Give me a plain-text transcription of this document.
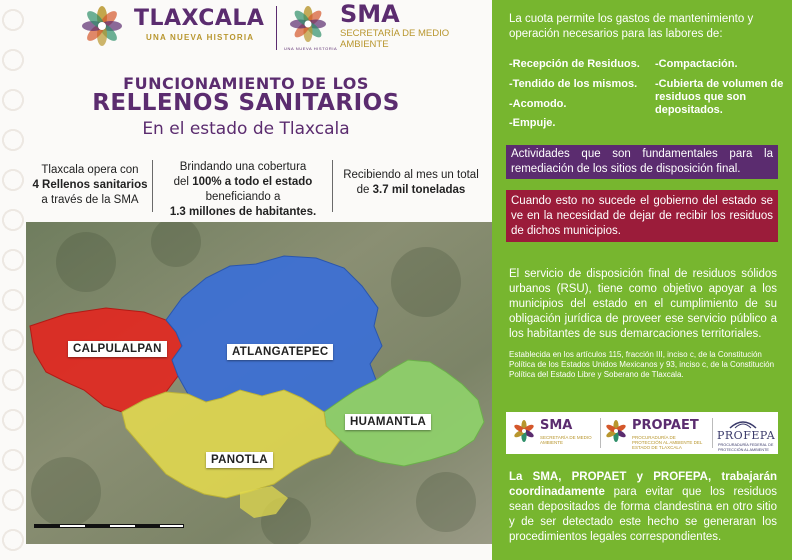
TLAXCALA
UNA NUEVA HISTORIA
UNA NUEVA HISTORIA
SMA
SECRETARÍA DE MEDIO AMBIENTE
FUNCIONAMIENTO DE LOS
RELLENOS SANITARIOS
En el estado de Tlaxcala
Tlaxcala opera con
4 Rellenos sanitarios
a través de la SMA
Brindando una cobertura
del 100% a todo el estado
beneficiando a
1.3 millones de habitantes.
Recibiendo al mes un total
de 3.7 mil toneladas
CALPULALPAN	ATLANGATEPEC
HUAMANTLA
PANOTLA
La cuota permite los gastos de mantenimiento y operación necesarios para las labores de:
-Recepción de Residuos.
-Tendido de los mismos.
-Acomodo.
-Empuje.
-Compactación.
-Cubierta de volumen de residuos que son depositados.
Actividades que son fundamentales para la remediación de los sitios de disposición final.
Cuando esto no sucede el gobierno del estado se ve en la necesidad de dejar de recibir los residuos de dichos municipios.
El servicio de disposición final de residuos sólidos urbanos (RSU), tiene como objetivo apoyar a los municipios del estado en el cumplimiento de su obligación jurídica de proveer ese servicio público a los habitantes de sus demarcaciones territoriales.
Establecida en los artículos 115, fracción III, inciso c, de la Constitución Política de los Estados Unidos Mexicanos y 93, inciso c, de la Constitución Política del Estado Libre y Soberano de Tlaxcala.
SMA
SECRETARÍA DE MEDIO AMBIENTE
PROPAET
PROCURADURÍA DE PROTECCIÓN AL AMBIENTE DEL ESTADO DE TLAXCALA
PROFEPA
PROCURADURÍA FEDERAL DE PROTECCIÓN AL AMBIENTE
La SMA, PROPAET y PROFEPA, trabajarán coordinadamente para evitar que los residuos sean depositados de forma clandestina en otro sitio y de ser detectado este hecho se generaran los procedimientos legales correspondientes.
